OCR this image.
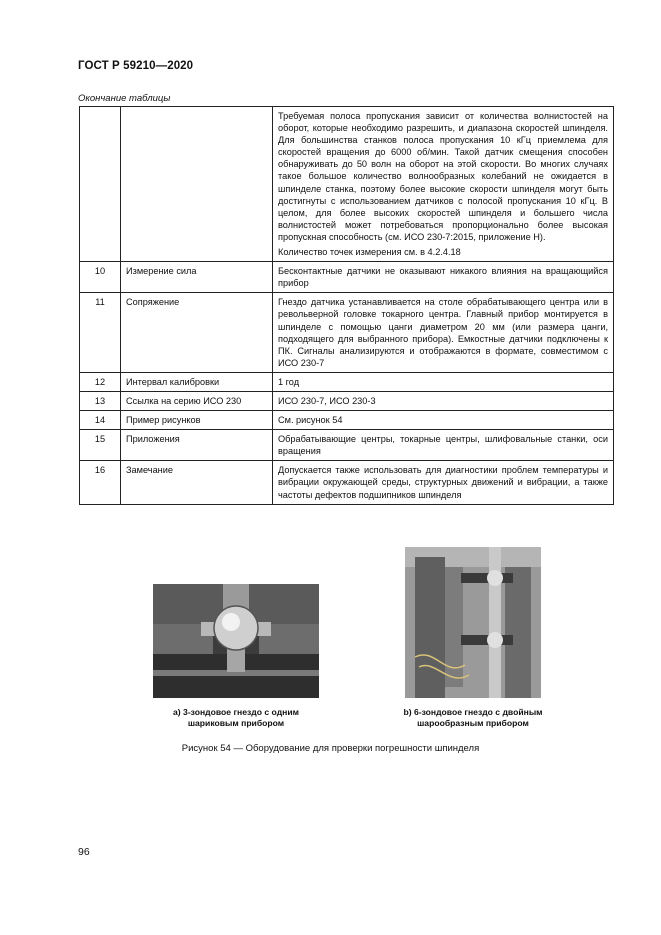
ГОСТ Р 59210—2020
Окончание таблицы

		Требуемая полоса пропускания зависит от количества волнистостей на оборот, которые необходимо разрешить, и диапазона скоростей шпинделя. Для большинства станков полоса пропускания 10 кГц приемлема для скоростей вращения до 6000 об/мин. Такой датчик смещения способен обнаруживать до 50 волн на оборот на этой скорости. Во многих случаях такое большое количество волнообразных колебаний не ожидается в шпинделе станка, поэтому более высокие скорости шпинделя могут быть достигнуты с использованием датчиков с полосой пропускания 10 кГц. В целом, для более высоких скоростей шпинделя и большего числа волнистостей может потребоваться пропорционально более высокая пропускная способность (см. ИСО 230-7:2015, приложение Н).

Количество точек измерения см. в 4.2.4.18

10	Измерение сила	Бесконтактные датчики не оказывают никакого влияния на вращающийся прибор

11	Сопряжение	Гнездо датчика устанавливается на столе обрабатывающего центра или в револьверной головке токарного центра. Главный прибор монтируется в шпинделе с помощью цанги диаметром 20 мм (или размера цанги, подходящего для выбранного прибора). Емкостные датчики подключены к ПК. Сигналы анализируются и отображаются в формате, совместимом с ИСО 230-7

12	Интервал калибровки	1 год

13	Ссылка на серию ИСО 230	ИСО 230-7, ИСО 230-3

14	Пример рисунков	См. рисунок 54

15	Приложения	Обрабатывающие центры, токарные центры, шлифовальные станки, оси вращения

16	Замечание	Допускается также использовать для диагностики проблем температуры и вибрации окружающей среды, структурных движений и вибрации, а также частоты дефектов подшипников шпинделя

а) 3-зондовое гнездо с одним шариковым прибором
b) 6-зондовое гнездо с двойным шарообразным прибором
Рисунок 54 — Оборудование для проверки погрешности шпинделя
96
